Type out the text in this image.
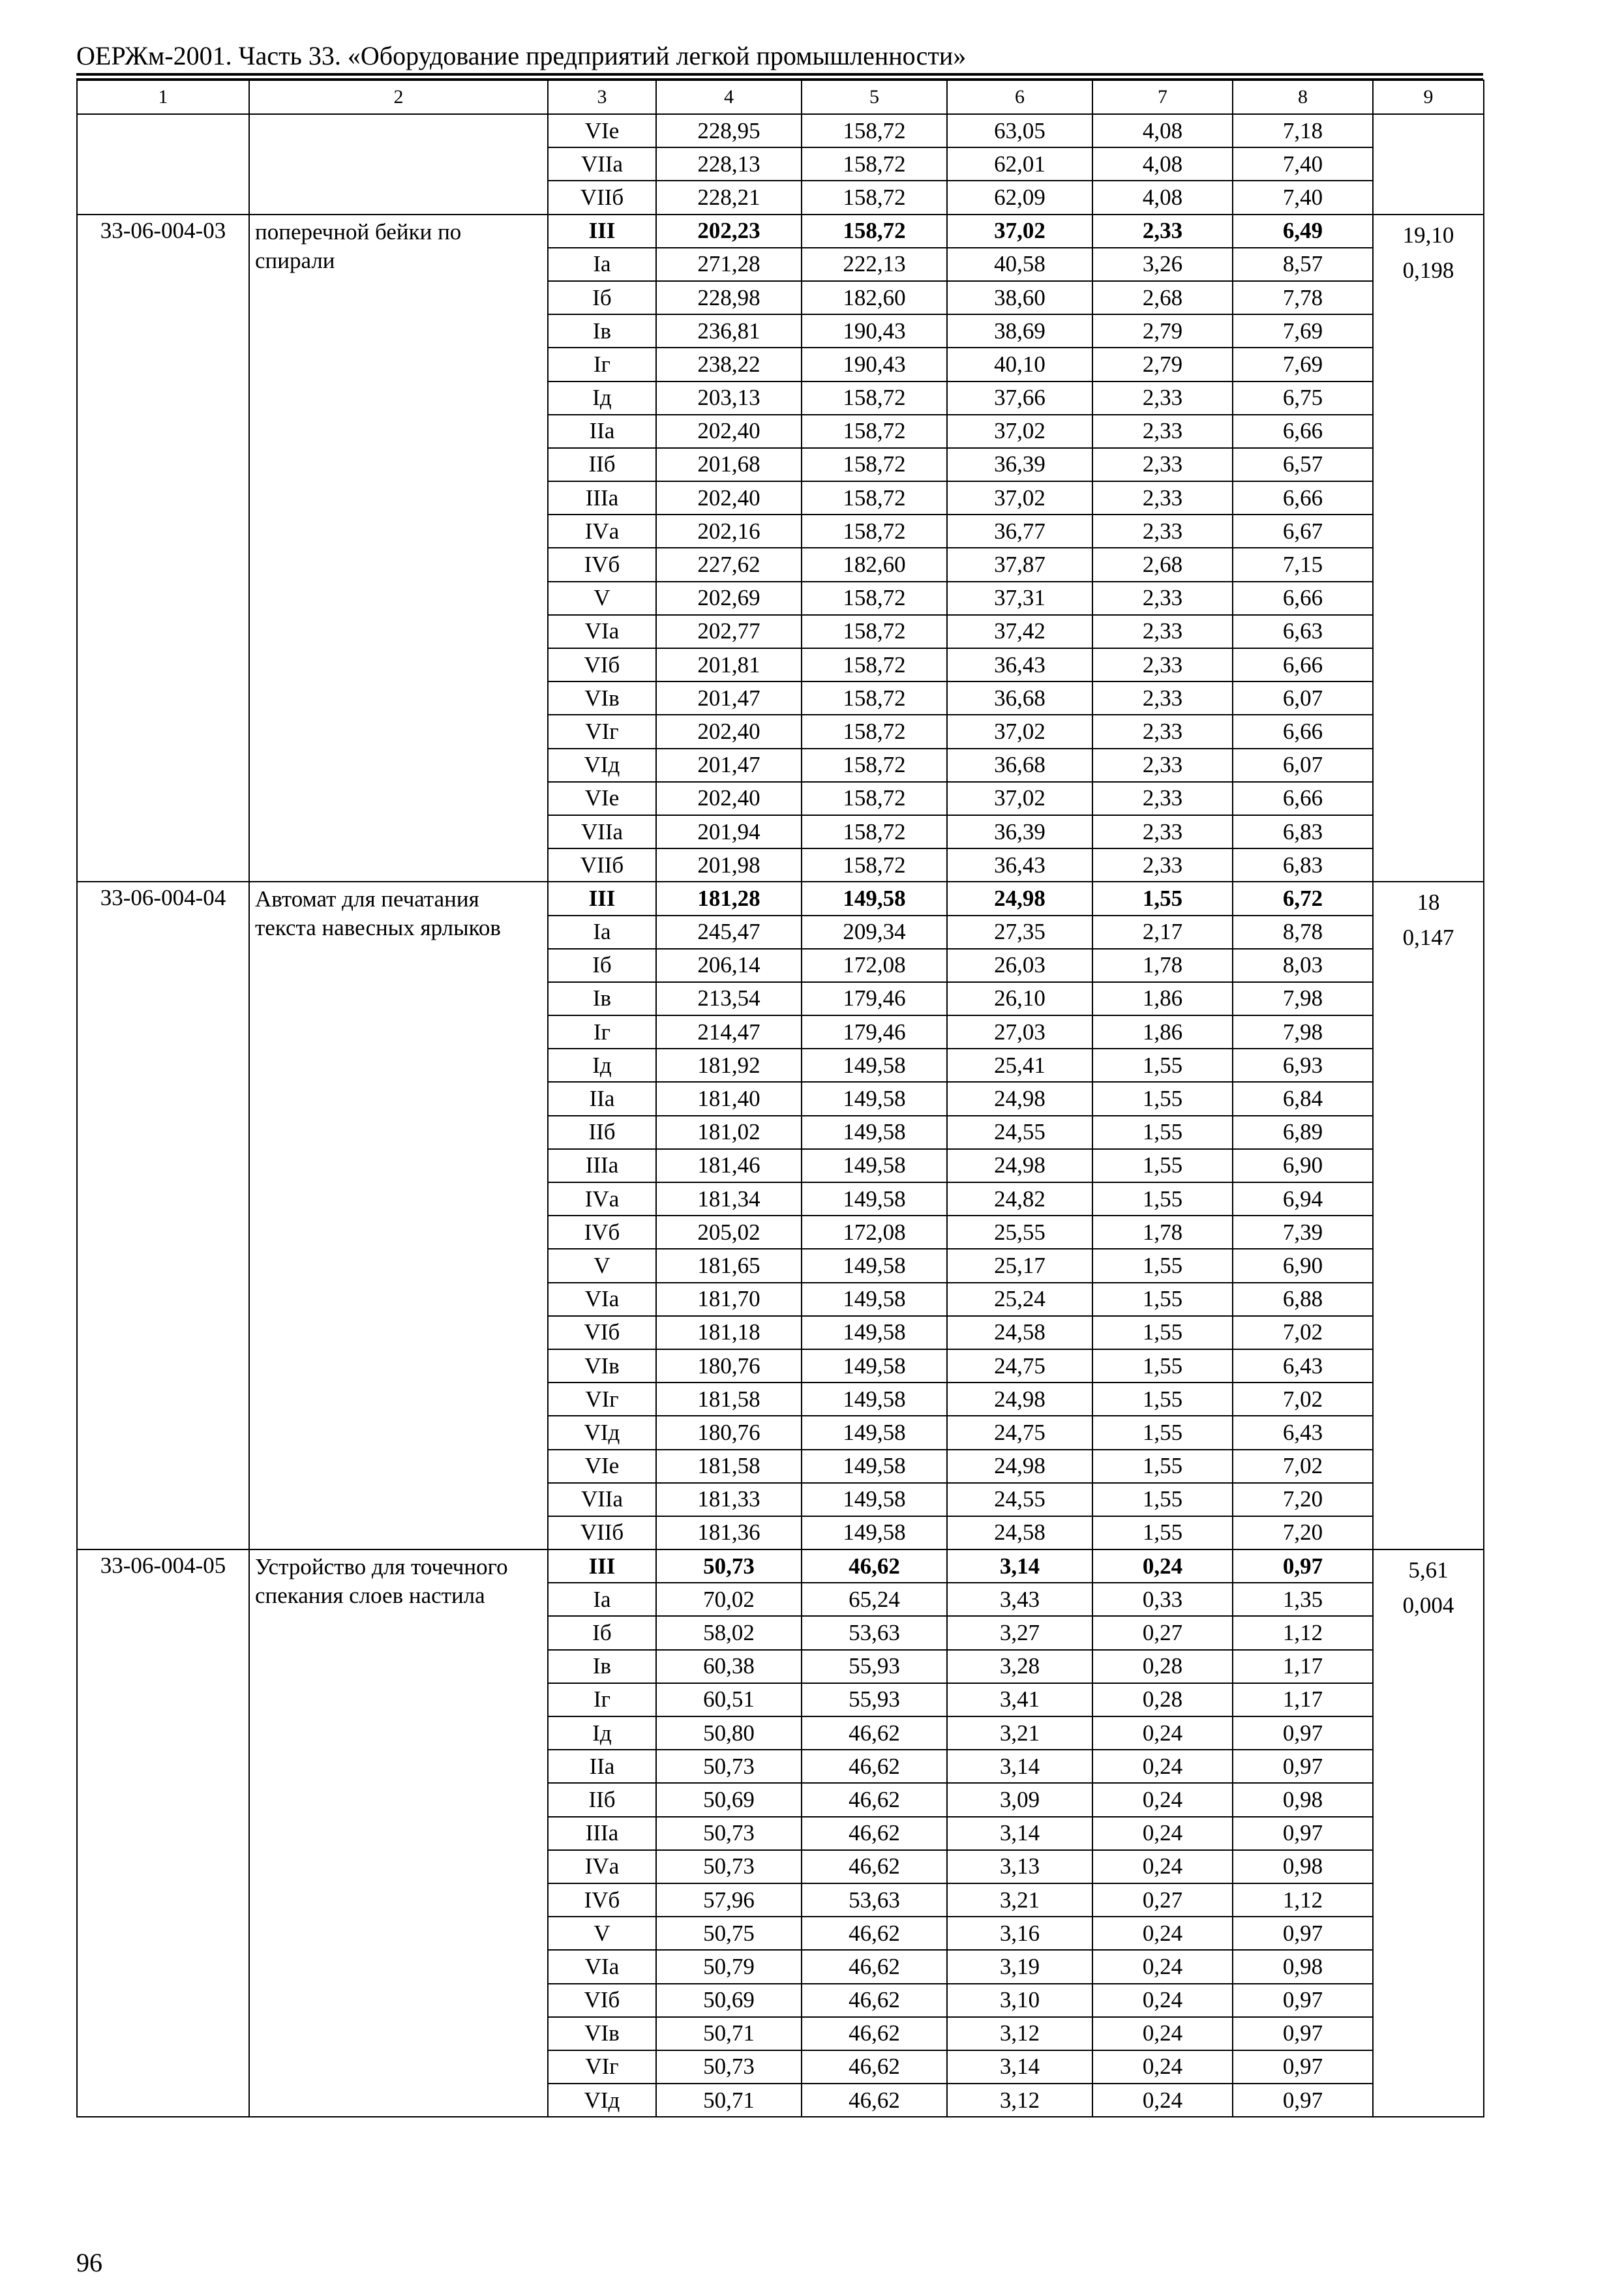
ОЕРЖм-2001. Часть 33. «Оборудование предприятий легкой промышленности»
1	2	3	4	5	6	7	8	9
		VIе	228,95	158,72	63,05	4,08	7,18	
		VIIа	228,13	158,72	62,01	4,08	7,40	
		VIIб	228,21	158,72	62,09	4,08	7,40	
33-06-004-03	поперечной бейки по спирали	III	202,23	158,72	37,02	2,33	6,49	19,10
0,198

		Iа	271,28	222,13	40,58	3,26	8,57	
		Iб	228,98	182,60	38,60	2,68	7,78	
		Iв	236,81	190,43	38,69	2,79	7,69	
		Iг	238,22	190,43	40,10	2,79	7,69	
		Iд	203,13	158,72	37,66	2,33	6,75	
		IIа	202,40	158,72	37,02	2,33	6,66	
		IIб	201,68	158,72	36,39	2,33	6,57	
		IIIа	202,40	158,72	37,02	2,33	6,66	
		IVа	202,16	158,72	36,77	2,33	6,67	
		IVб	227,62	182,60	37,87	2,68	7,15	
		V	202,69	158,72	37,31	2,33	6,66	
		VIа	202,77	158,72	37,42	2,33	6,63	
		VIб	201,81	158,72	36,43	2,33	6,66	
		VIв	201,47	158,72	36,68	2,33	6,07	
		VIг	202,40	158,72	37,02	2,33	6,66	
		VIд	201,47	158,72	36,68	2,33	6,07	
		VIе	202,40	158,72	37,02	2,33	6,66	
		VIIа	201,94	158,72	36,39	2,33	6,83	
		VIIб	201,98	158,72	36,43	2,33	6,83	
33-06-004-04	Автомат для печатания текста навесных ярлыков	III	181,28	149,58	24,98	1,55	6,72	18
0,147

		Iа	245,47	209,34	27,35	2,17	8,78	
		Iб	206,14	172,08	26,03	1,78	8,03	
		Iв	213,54	179,46	26,10	1,86	7,98	
		Iг	214,47	179,46	27,03	1,86	7,98	
		Iд	181,92	149,58	25,41	1,55	6,93	
		IIа	181,40	149,58	24,98	1,55	6,84	
		IIб	181,02	149,58	24,55	1,55	6,89	
		IIIа	181,46	149,58	24,98	1,55	6,90	
		IVа	181,34	149,58	24,82	1,55	6,94	
		IVб	205,02	172,08	25,55	1,78	7,39	
		V	181,65	149,58	25,17	1,55	6,90	
		VIа	181,70	149,58	25,24	1,55	6,88	
		VIб	181,18	149,58	24,58	1,55	7,02	
		VIв	180,76	149,58	24,75	1,55	6,43	
		VIг	181,58	149,58	24,98	1,55	7,02	
		VIд	180,76	149,58	24,75	1,55	6,43	
		VIе	181,58	149,58	24,98	1,55	7,02	
		VIIа	181,33	149,58	24,55	1,55	7,20	
		VIIб	181,36	149,58	24,58	1,55	7,20	
33-06-004-05	Устройство для точечного спекания слоев настила	III	50,73	46,62	3,14	0,24	0,97	5,61
0,004

		Iа	70,02	65,24	3,43	0,33	1,35	
		Iб	58,02	53,63	3,27	0,27	1,12	
		Iв	60,38	55,93	3,28	0,28	1,17	
		Iг	60,51	55,93	3,41	0,28	1,17	
		Iд	50,80	46,62	3,21	0,24	0,97	
		IIа	50,73	46,62	3,14	0,24	0,97	
		IIб	50,69	46,62	3,09	0,24	0,98	
		IIIа	50,73	46,62	3,14	0,24	0,97	
		IVа	50,73	46,62	3,13	0,24	0,98	
		IVб	57,96	53,63	3,21	0,27	1,12	
		V	50,75	46,62	3,16	0,24	0,97	
		VIа	50,79	46,62	3,19	0,24	0,98	
		VIб	50,69	46,62	3,10	0,24	0,97	
		VIв	50,71	46,62	3,12	0,24	0,97	
		VIг	50,73	46,62	3,14	0,24	0,97	
		VIд	50,71	46,62	3,12	0,24	0,97	
96
